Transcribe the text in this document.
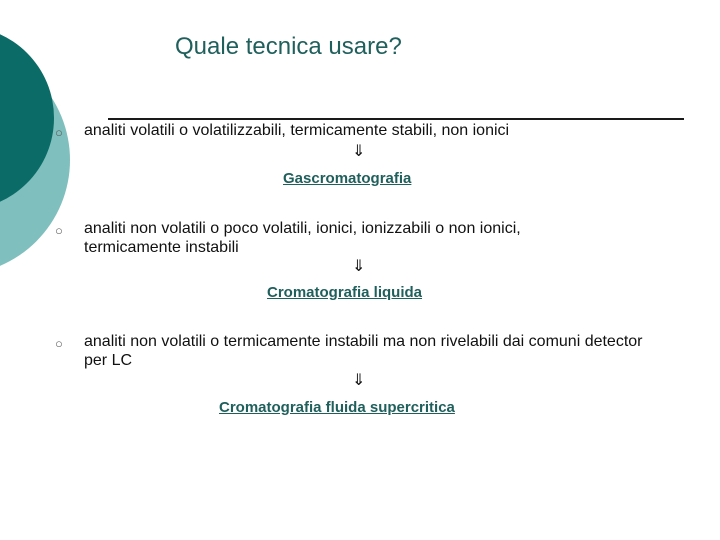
Quale tecnica usare?
○ analiti volatili o volatilizzabili, termicamente stabili, non ionici
⇓
Gascromatografia
○ analiti non volatili o poco volatili, ionici, ionizzabili o non ionici, termicamente instabili
⇓
Cromatografia liquida
○ analiti non volatili o termicamente instabili ma non rivelabili dai comuni detector per LC
⇓
Cromatografia fluida supercritica
